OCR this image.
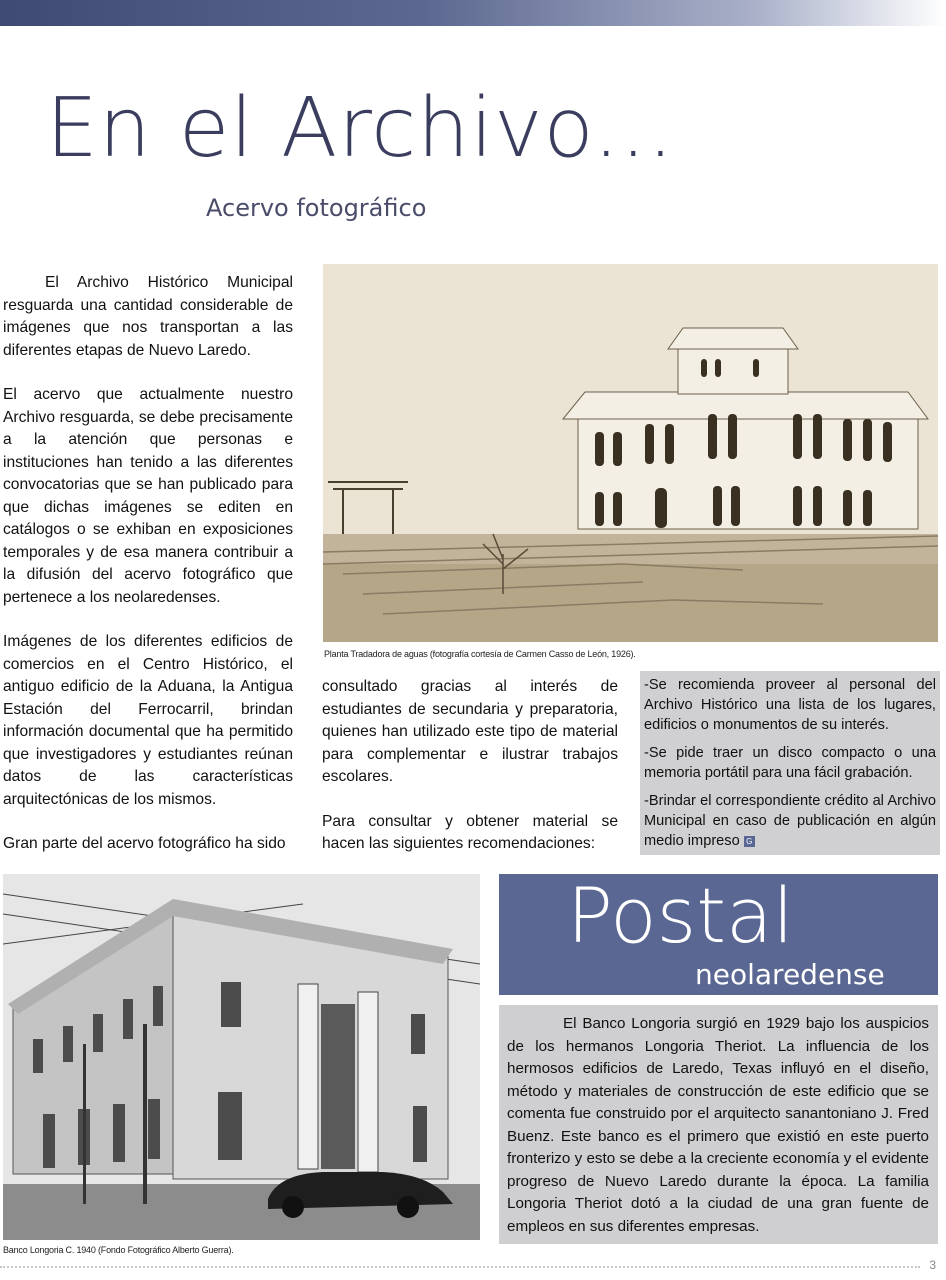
En el Archivo...
Acervo fotográfico

El Archivo Histórico Municipal resguarda una cantidad considerable de imágenes que nos transportan a las diferentes etapas de Nuevo Laredo.

El acervo que actualmente nuestro Archivo resguarda, se debe precisamente a la atención que personas e instituciones han tenido a las diferentes convocatorias que se han publicado para que dichas imágenes se editen en catálogos o se exhiban en exposiciones temporales y de esa manera contribuir a la difusión del acervo fotográfico que pertenece a los neolaredenses.

Imágenes de los diferentes edificios de comercios en el Centro Histórico, el antiguo edificio de la Aduana, la Antigua Estación del Ferrocarril, brindan información documental que ha permitido que investigadores y estudiantes reúnan datos de las características arquitectónicas de los mismos.

Gran parte del acervo fotográfico ha sido

Planta Tradadora de aguas (fotografía cortesía de Carmen Casso de León, 1926).

consultado gracias al interés de estudiantes de secundaria y preparatoria, quienes han utilizado este tipo de material para complementar e ilustrar trabajos escolares.

Para consultar y obtener material se hacen las siguientes recomendaciones:

-Se recomienda proveer al personal del Archivo Histórico una lista de los lugares, edificios o monumentos de su interés.

-Se pide traer un disco compacto o una memoria portátil para una fácil grabación.

-Brindar el correspondiente crédito al Archivo Municipal en caso de publicación en algún medio impreso G

Banco Longoria C. 1940 (Fondo Fotográfico Alberto Guerra).
Postal
neolaredense

El Banco Longoria surgió en 1929 bajo los auspicios de los hermanos Longoria Theriot. La influencia de los hermosos edificios de Laredo, Texas influyó en el diseño, método y materiales de construcción de este edificio que se comenta fue construido por el arquitecto sanantoniano J. Fred Buenz. Este banco es el primero que existió en este puerto fronterizo y esto se debe a la creciente economía y el evidente progreso de Nuevo Laredo durante la época. La familia Longoria Theriot dotó a la ciudad de una gran fuente de empleos en sus diferentes empresas.

3
